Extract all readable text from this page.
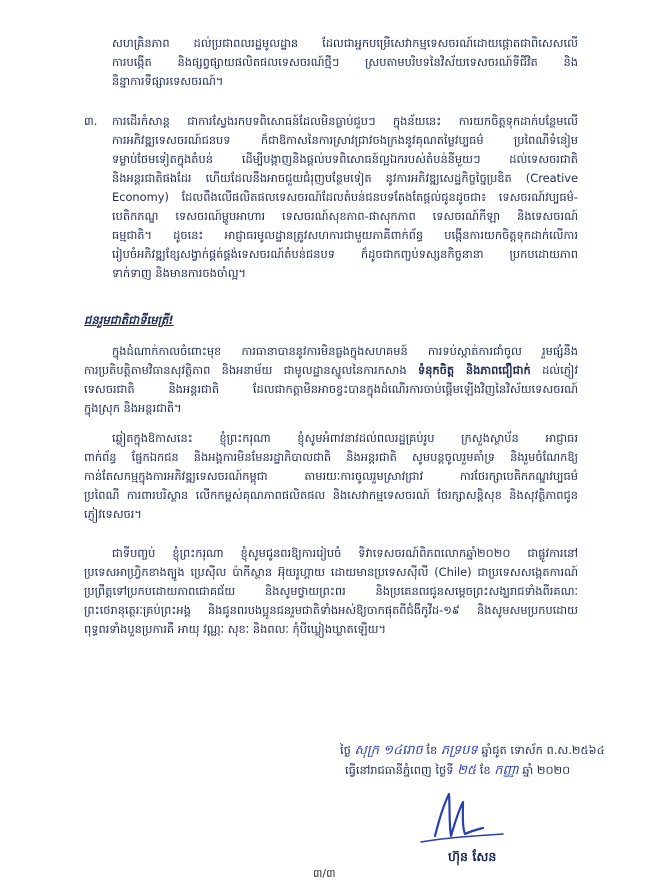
សហគ្រិនភាព ដល់ប្រជាពលរដ្ឋមូលដ្ឋាន ដែលជាអ្នកបម្រើសេវាកម្មទេសចរណ៍ដោយផ្តោតជាពិសេសលើ
ការបង្កើត និងផ្សព្វផ្សាយផលិតផលទេសចរណ៍ថ្មីៗ ស្របតាមបរិបទនៃវិស័យទេសចរណ៍ទីជីវិត និង
និន្នាការទីផ្សារទេសចរណ៍។
៣. ការដើរកំសាន្ត ជាការស្វែងរកបទពិសោធន៍ដែលមិនធ្លាប់ជួបៗ ក្នុងន័យនេះ ការយកចិត្តទុកដាក់បន្ថែមលើ
ការអភិវឌ្ឍទេសចរណ៍ជនបទ ក៏ជាឱកាសនៃការស្រាវជ្រាវចងក្រងនូវគុណតម្លៃវប្បធម៌ ប្រពៃណីទំនៀម
ទម្លាប់ថែមទៀតក្នុងតំបន់ ដើម្បីបង្កាញនិងផ្តល់បទពិសោធន៍ល្អឯករបស់តំបន់នីមួយៗ ដល់ទេសចរជាតិ
និងអន្តរជាតិផងដែរ ហើយដែលនឹងអាចជួយជំរុញបន្ថែមទៀត នូវការអភិវឌ្ឍសេដ្ឋកិច្ចច្នៃប្រឌិត (Creative
Economy) ដែលពឹងលើផលិតផលទេសចរណ៍ដែលតំបន់ជនបទតែងតែផ្តល់ជូនដូចជា៖ ទេសចរណ៍វប្បធម៌-
បេតិកភណ្ឌ ទេសចរណ៍ម្ហូបអាហារ ទេសចរណ៍សុខភាព-ផាសុកភាព ទេសចរណ៍កីឡា និងទេសចរណ៍
ធម្មជាតិ។ ដូចនេះ អាជ្ញាធរមូលដ្ឋានត្រូវសហការជាមួយភាគីពាក់ព័ន្ធ បង្កើនការយកចិត្តទុកដាក់លើការ
រៀបចំអភិវឌ្ឍខ្សែសង្វាក់ផ្គត់ផ្គង់ទេសចរណ៍តំបន់ជនបទ ក៏ដូចជាកញ្ចប់ទស្សនកិច្ចនានា ប្រកបដោយភាព
ទាក់ទាញ និងមានការចងចាំល្អ។
ជនរួមជាតិជាទីមេត្រី!
ក្នុងដំណាក់កាលចំពោះមុខ ការធានាបាននូវការមិនធ្លងក្នុងសហគមន៍ ការទប់ស្កាត់ការជាំចូល រួមផ្សំនឹង
ការប្រតិបត្តិតាមវិធានសុវត្ថិភាព និងអនាម័យ ជាមូលដ្ឋានស្នូលនៃការកសាង ទំនុកចិត្ត និងភាពជឿជាក់ ដល់ភ្ញៀវ
ទេសចរជាតិ និងអន្តរជាតិ ដែលជាកត្តាមិនអាចខ្វះបានក្នុងដំណើរការចាប់ផ្តើមឡើងវិញនៃវិស័យទេសចរណ៍
ក្នុងស្រុក និងអន្តរជាតិ។
ឆ្លៀតក្នុងឱកាសនេះ ខ្ញុំព្រះករុណា ខ្ញុំសូមអំពាវនាវដល់ពលរដ្ឋគ្រប់រូប ក្រសួងស្ថាប័ន អាជ្ញាធរ
ពាក់ព័ន្ធ ផ្នែកឯកជន និងអង្គការមិនមែនរដ្ឋាភិបាលជាតិ និងអន្តរជាតិ សូមបន្តចូលរួមគាំទ្រ និងរួមចំណែកឱ្យ
កាន់តែសកម្មក្នុងការអភិវឌ្ឍទេសចរណ៍កម្ពុជា តាមរយៈការចូលរួមស្រាវជ្រាវ ការថែរក្សាបេតិកភណ្ឌវប្បធម៌
ប្រពៃណី ការពារបរិស្ថាន លើកកម្ពស់គុណភាពផលិតផល និងសេវាកម្មទេសចរណ៍ ថែរក្សាសន្តិសុខ និងសុវត្ថិភាពជូន
ភ្ញៀវទេសចរ។
ជាទីបញ្ចប់ ខ្ញុំព្រះករុណា ខ្ញុំសូមជូនពរឱ្យការរៀបចំ ទិវាទេសចរណ៍ពិភពលោកឆ្នាំ២០២០ ជាផ្លូវការនៅ
ប្រទេសអាហ្វ្រិកខាងត្បូង ប្រេស៊ីល ប៉ាកីស្ថាន អ៊ុយរូហ្គាយ ដោយមានប្រទេសស៊ីលី (Chile) ជាប្រទេសសង្កេតការណ៍
ប្រព្រឹត្តទៅប្រកបដោយភាពជោគជ័យ និងសូមថ្វាយព្រះពរ និងប្រគេនពរជូនសម្តេចព្រះសង្ឃរាជទាំងពីរគណៈ
ព្រះថេរានុត្ថេរៈគ្រប់ព្រះអង្គ និងជូនពរបងប្អូនជនរួមជាតិទាំងអស់ឱ្យចាកផុតពីជំងឺកូវីដ-១៩ និងសូមសមប្រកបដោយ
ពុទ្ធពរទាំងបួនប្រការគឺ អាយុ វណ្ណៈ សុខៈ និងពលៈ កុំបីឃ្លៀងឃ្លាតឡើយ។
ថ្ងៃ សុក្រ ១៤រោច ខែ ភទ្របទ ឆ្នាំជូត ទោស័ក ព.ស.២៥៦៤
ធ្វើនៅរាជធានីភ្នំពេញ ថ្ងៃទី ២៥ ខែ កញ្ញា ឆ្នាំ ២០២០
ហ៊ុន សែន
៣/៣
